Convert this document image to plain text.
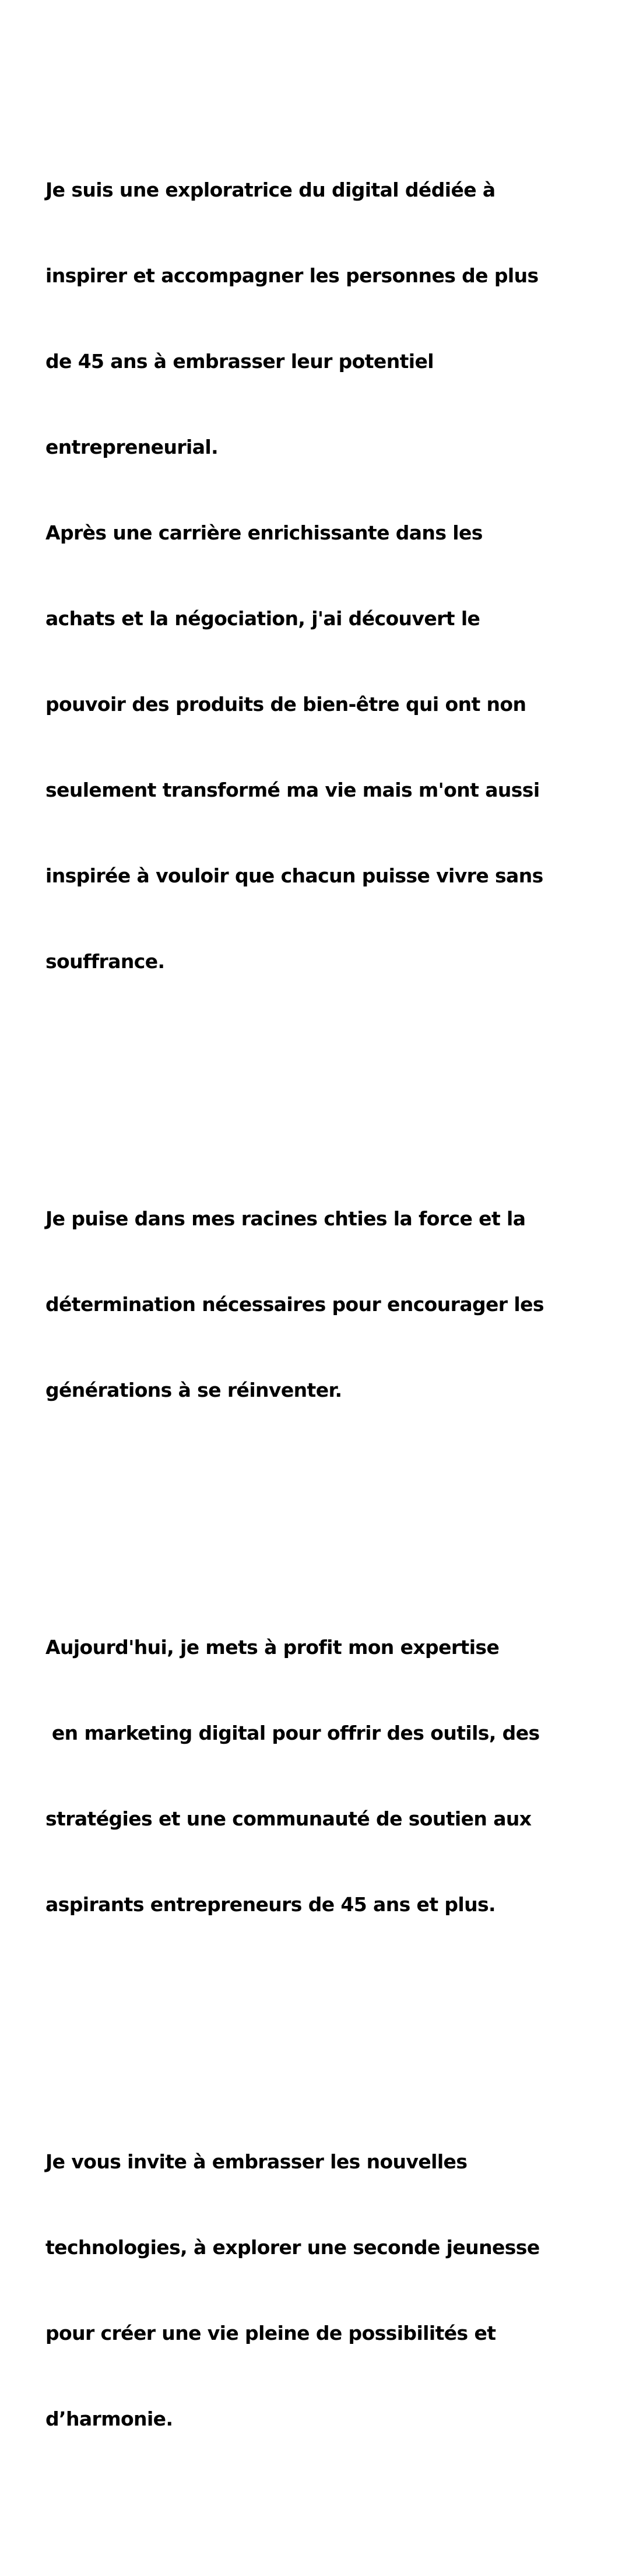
Je suis une exploratrice du digital dédiée à

inspirer et accompagner les personnes de plus

de 45 ans à embrasser leur potentiel

entrepreneurial.

Après une carrière enrichissante dans les

achats et la négociation, j'ai découvert le

pouvoir des produits de bien-être qui ont non

seulement transformé ma vie mais m'ont aussi

inspirée à vouloir que chacun puisse vivre sans

souffrance.

Je puise dans mes racines chties la force et la

détermination nécessaires pour encourager les

générations à se réinventer.

Aujourd'hui, je mets à profit mon expertise

en marketing digital pour offrir des outils, des

stratégies et une communauté de soutien aux

aspirants entrepreneurs de 45 ans et plus.

Je vous invite à embrasser les nouvelles

technologies, à explorer une seconde jeunesse

pour créer une vie pleine de possibilités et

d’harmonie.
